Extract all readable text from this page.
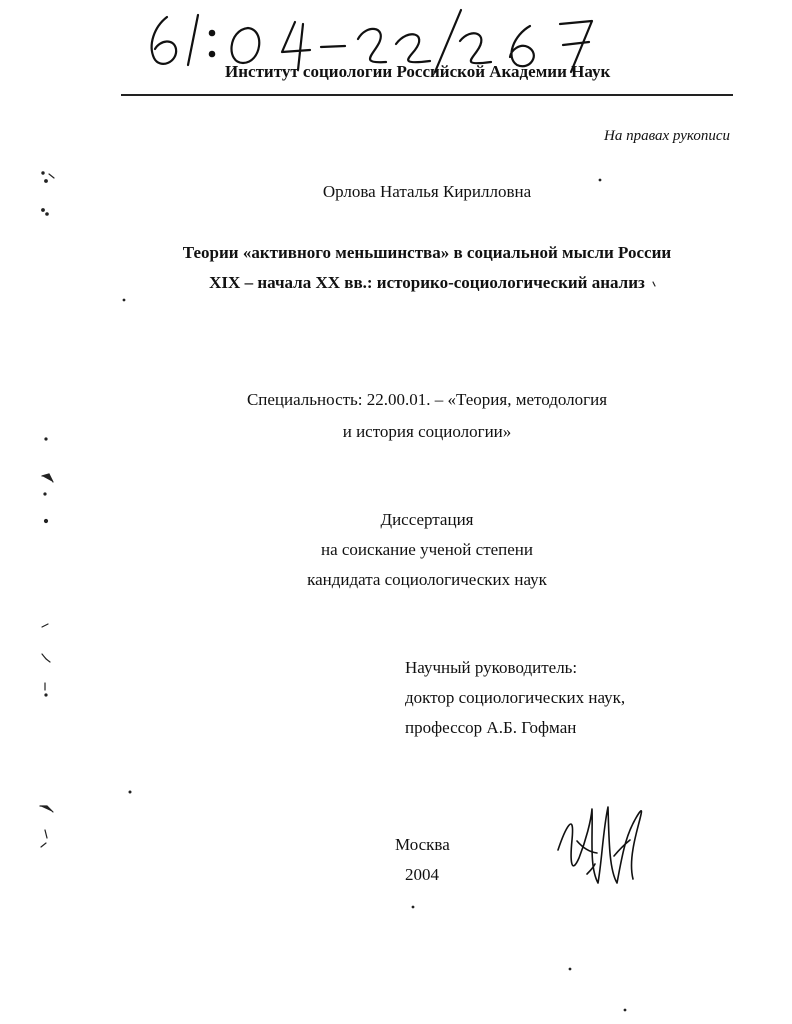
Институт социологии Российской Академии Наук
На правах рукописи
Орлова Наталья Кирилловна
Теории «активного меньшинства» в социальной мысли России
XIX – начала XX вв.: историко-социологический анализ
Специальность: 22.00.01. – «Теория, методология
и история социологии»
Диссертация
на соискание ученой степени
кандидата социологических наук
Научный руководитель:
доктор социологических наук,
профессор А.Б. Гофман
Москва
2004
